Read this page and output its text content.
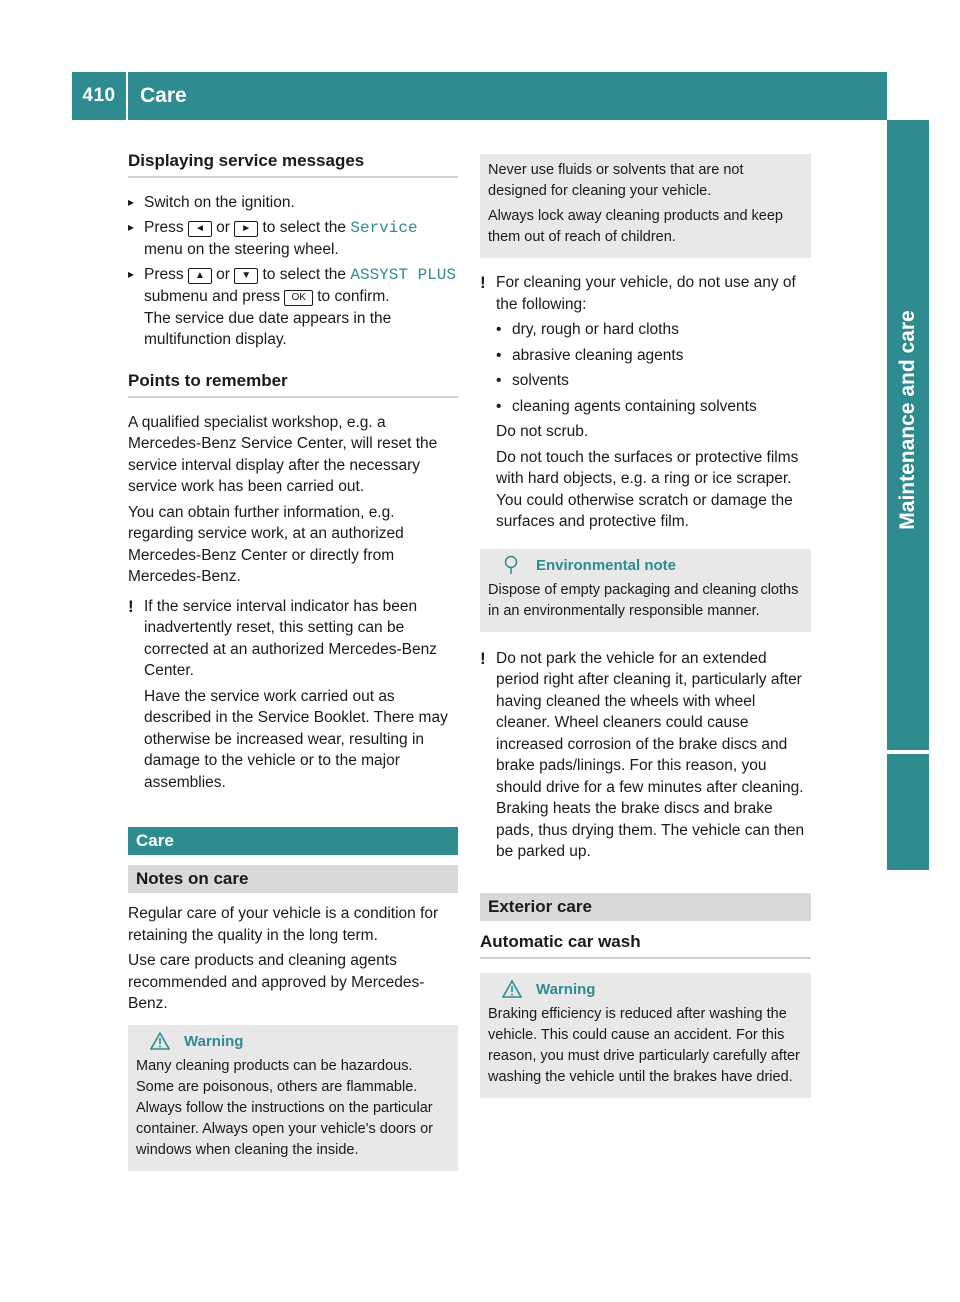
410	Care
Maintenance and care
Displaying service messages
▸ Switch on the ignition.
▸ Press ◄ or ► to select the Service menu on the steering wheel.
▸ Press ▲ or ▼ to select the ASSYST PLUS submenu and press OK to confirm.
The service due date appears in the multifunction display.
Points to remember

A qualified specialist workshop, e.g. a Mercedes-Benz Service Center, will reset the service interval display after the necessary service work has been carried out.

You can obtain further information, e.g. regarding service work, at an authorized Mercedes-Benz Center or directly from Mercedes-Benz.

! If the service interval indicator has been inadvertently reset, this setting can be corrected at an authorized Mercedes-Benz Center.

Have the service work carried out as described in the Service Booklet. There may otherwise be increased wear, resulting in damage to the vehicle or to the major assemblies.

Care
Notes on care

Regular care of your vehicle is a condition for retaining the quality in the long term.

Use care products and cleaning agents recommended and approved by Mercedes-Benz.

Warning

Many cleaning products can be hazardous. Some are poisonous, others are flammable. Always follow the instructions on the particular container. Always open your vehicle's doors or windows when cleaning the inside.

Never use fluids or solvents that are not designed for cleaning your vehicle.

Always lock away cleaning products and keep them out of reach of children.

! For cleaning your vehicle, do not use any of the following:

• dry, rough or hard cloths
• abrasive cleaning agents
• solvents
• cleaning agents containing solvents

Do not scrub.

Do not touch the surfaces or protective films with hard objects, e.g. a ring or ice scraper. You could otherwise scratch or damage the surfaces and protective film.

Environmental note

Dispose of empty packaging and cleaning cloths in an environmentally responsible manner.

! Do not park the vehicle for an extended period right after cleaning it, particularly after having cleaned the wheels with wheel cleaner. Wheel cleaners could cause increased corrosion of the brake discs and brake pads/linings. For this reason, you should drive for a few minutes after cleaning. Braking heats the brake discs and brake pads, thus drying them. The vehicle can then be parked up.

Exterior care
Automatic car wash
Warning

Braking efficiency is reduced after washing the vehicle. This could cause an accident. For this reason, you must drive particularly carefully after washing the vehicle until the brakes have dried.
